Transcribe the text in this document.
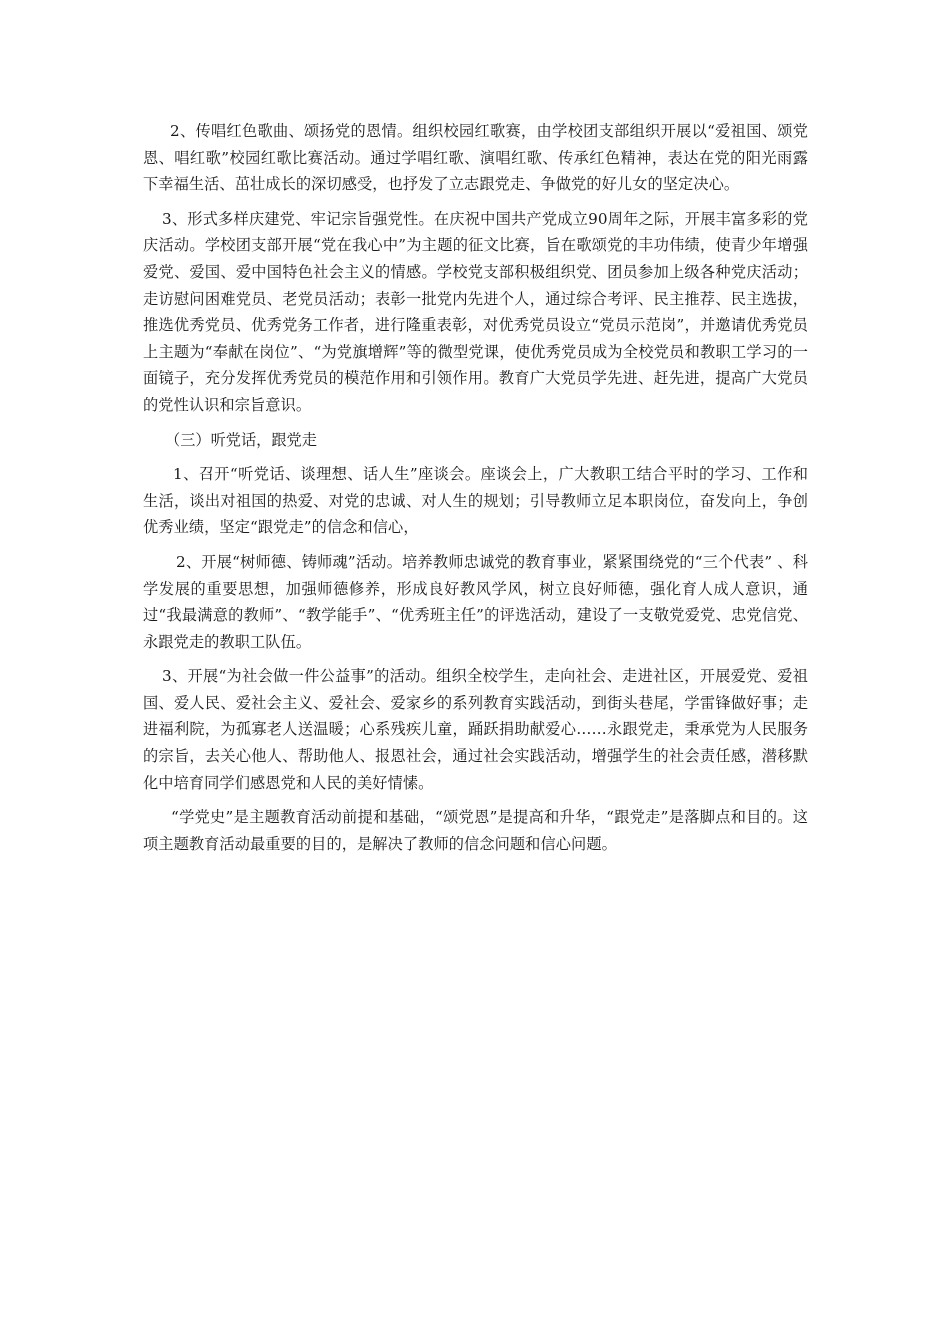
2、传唱红色歌曲、颂扬党的恩情。组织校园红歌赛，由学校团支部组织开展以“爱祖国、颂党恩、唱红歌”校园红歌比赛活动。通过学唱红歌、演唱红歌、传承红色精神，表达在党的阳光雨露下幸福生活、茁壮成长的深切感受，也抒发了立志跟党走、争做党的好儿女的坚定决心。

3、形式多样庆建党、牢记宗旨强党性。在庆祝中国共产党成立90周年之际，开展丰富多彩的党庆活动。学校团支部开展“党在我心中”为主题的征文比赛，旨在歌颂党的丰功伟绩，使青少年增强爱党、爱国、爱中国特色社会主义的情感。学校党支部积极组织党、团员参加上级各种党庆活动；走访慰问困难党员、老党员活动；表彰一批党内先进个人，通过综合考评、民主推荐、民主选拔，推选优秀党员、优秀党务工作者，进行隆重表彰，对优秀党员设立“党员示范岗”，并邀请优秀党员上主题为“奉献在岗位”、“为党旗增辉”等的微型党课，使优秀党员成为全校党员和教职工学习的一面镜子，充分发挥优秀党员的模范作用和引领作用。教育广大党员学先进、赶先进，提高广大党员的党性认识和宗旨意识。

（三）听党话，跟党走

1、召开“听党话、谈理想、话人生”座谈会。座谈会上，广大教职工结合平时的学习、工作和生活，谈出对祖国的热爱、对党的忠诚、对人生的规划；引导教师立足本职岗位，奋发向上，争创优秀业绩，坚定“跟党走”的信念和信心，

2、开展“树师德、铸师魂”活动。培养教师忠诚党的教育事业，紧紧围绕党的“三个代表” 、科学发展的重要思想，加强师德修养，形成良好教风学风，树立良好师德，强化育人成人意识，通过“我最满意的教师”、“教学能手”、“优秀班主任”的评选活动，建设了一支敬党爱党、忠党信党、永跟党走的教职工队伍。

3、开展“为社会做一件公益事”的活动。组织全校学生，走向社会、走进社区，开展爱党、爱祖国、爱人民、爱社会主义、爱社会、爱家乡的系列教育实践活动，到街头巷尾，学雷锋做好事；走进福利院，为孤寡老人送温暖；心系残疾儿童，踊跃捐助献爱心……永跟党走，秉承党为人民服务的宗旨，去关心他人、帮助他人、报恩社会，通过社会实践活动，增强学生的社会责任感，潜移默化中培育同学们感恩党和人民的美好情愫。

“学党史”是主题教育活动前提和基础，“颂党恩”是提高和升华，“跟党走”是落脚点和目的。这项主题教育活动最重要的目的，是解决了教师的信念问题和信心问题。
